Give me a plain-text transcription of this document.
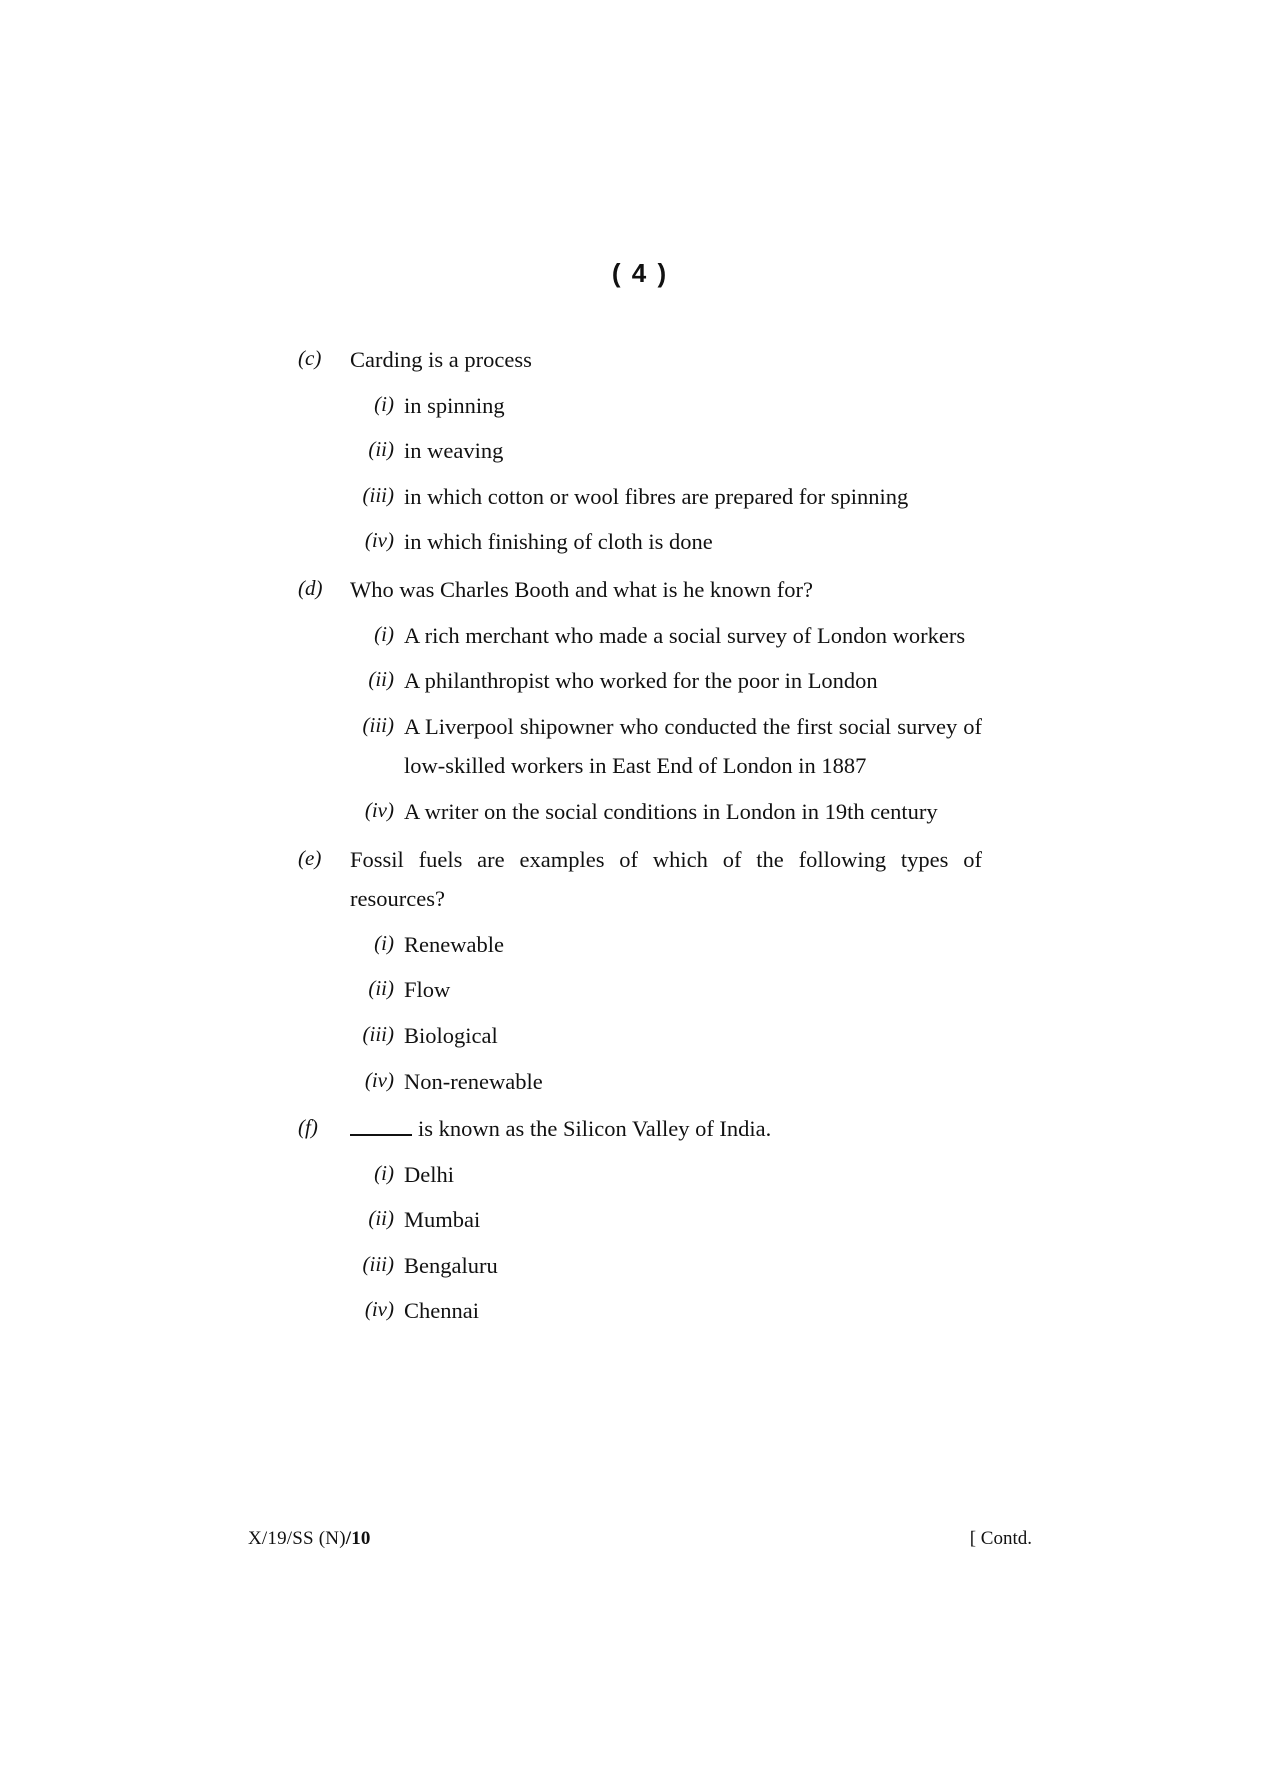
( 4 )
(c) Carding is a process
(i) in spinning
(ii) in weaving
(iii) in which cotton or wool fibres are prepared for spinning
(iv) in which finishing of cloth is done
(d) Who was Charles Booth and what is he known for?
(i) A rich merchant who made a social survey of London workers
(ii) A philanthropist who worked for the poor in London
(iii) A Liverpool shipowner who conducted the first social survey of low-skilled workers in East End of London in 1887
(iv) A writer on the social conditions in London in 19th century
(e) Fossil fuels are examples of which of the following types of resources?
(i) Renewable
(ii) Flow
(iii) Biological
(iv) Non-renewable
(f)	is known as the Silicon Valley of India.
(i) Delhi
(ii) Mumbai
(iii) Bengaluru
(iv) Chennai
X/19/SS (N)/10	[ Contd.
